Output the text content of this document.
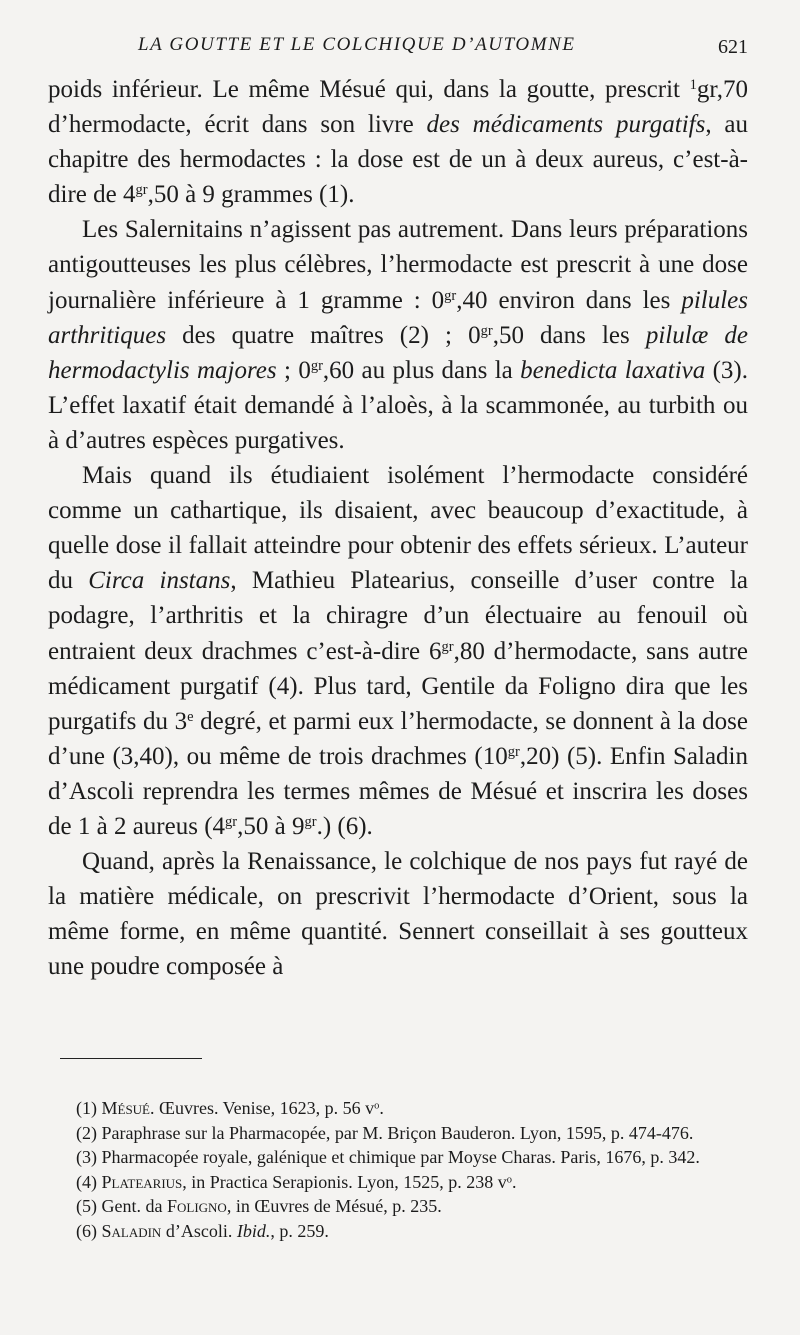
LA GOUTTE ET LE COLCHIQUE D’AUTOMNE	621

poids inférieur. Le même Mésué qui, dans la goutte, prescrit $^1$gr,70 d’hermodacte, écrit dans son livre des médicaments purgatifs, au chapitre des hermodactes : la dose est de un à deux aureus, c’est-à-dire de $4^{gr},50$ à 9 grammes (1).

Les Salernitains n’agissent pas autrement. Dans leurs préparations antigoutteuses les plus célèbres, l’hermodacte est prescrit à une dose journalière inférieure à 1 gramme : $0^{gr},40$ environ dans les pilules arthritiques des quatre maîtres (2) ; $0^{gr},50$ dans les pilulæ de hermodactylis majores ; $0^{gr},60$ au plus dans la benedicta laxativa (3). L’effet laxatif était demandé à l’aloès, à la scammonée, au turbith ou à d’autres espèces purgatives.

Mais quand ils étudiaient isolément l’hermodacte considéré comme un cathartique, ils disaient, avec beaucoup d’exactitude, à quelle dose il fallait atteindre pour obtenir des effets sérieux. L’auteur du Circa instans, Mathieu Platearius, conseille d’user contre la podagre, l’arthritis et la chiragre d’un électuaire au fenouil où entraient deux drachmes c’est-à-dire $6^{gr},80$ d’hermodacte, sans autre médicament purgatif (4). Plus tard, Gentile da Foligno dira que les purgatifs du 3e degré, et parmi eux l’hermodacte, se donnent à la dose d’une (3,40), ou même de trois drachmes $(10^{gr},20)$ (5). Enfin Saladin d’Ascoli reprendra les termes mêmes de Mésué et inscrira les doses de 1 à 2 aureus ($4^{gr},50$ à $9^{gr}$.) (6).

Quand, après la Renaissance, le colchique de nos pays fut rayé de la matière médicale, on prescrivit l’hermodacte d’Orient, sous la même forme, en même quantité. Sennert conseillait à ses goutteux une poudre composée à

(1) Mésué. Œuvres. Venise, 1623, p. 56 $v^o$.

(2) Paraphrase sur la Pharmacopée, par M. Briçon Bauderon. Lyon, 1595, p. 474-476.

(3) Pharmacopée royale, galénique et chimique par Moyse Charas. Paris, 1676, p. 342.

(4) Platearius, in Practica Serapionis. Lyon, 1525, p. 238 $v^o$.

(5) Gent. da Foligno, in Œuvres de Mésué, p. 235.

(6) Saladin d’Ascoli. Ibid., p. 259.
